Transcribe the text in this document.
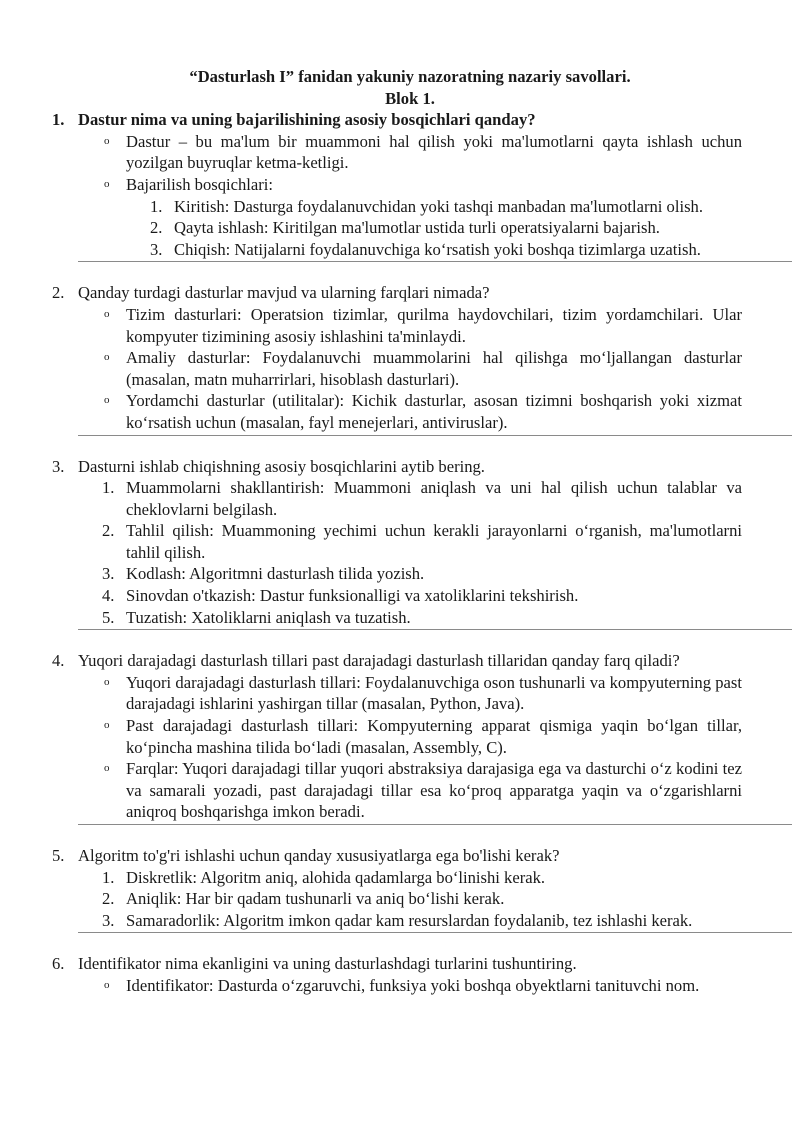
“Dasturlash I” fanidan yakuniy nazoratning nazariy savollari.
Blok 1.
1. Dastur nima va uning bajarilishining asosiy bosqichlari qanday?
o Dastur – bu ma'lum bir muammoni hal qilish yoki ma'lumotlarni qayta ishlash uchun yozilgan buyruqlar ketma-ketligi.
o Bajarilish bosqichlari:
1. Kiritish: Dasturga foydalanuvchidan yoki tashqi manbadan ma'lumotlarni olish.
2. Qayta ishlash: Kiritilgan ma'lumotlar ustida turli operatsiyalarni bajarish.
3. Chiqish: Natijalarni foydalanuvchiga koʻrsatish yoki boshqa tizimlarga uzatish.
2. Qanday turdagi dasturlar mavjud va ularning farqlari nimada?
o Tizim dasturlari: Operatsion tizimlar, qurilma haydovchilari, tizim yordamchilari. Ular kompyuter tizimining asosiy ishlashini ta'minlaydi.
o Amaliy dasturlar: Foydalanuvchi muammolarini hal qilishga moʻljallangan dasturlar (masalan, matn muharrirlari, hisoblash dasturlari).
o Yordamchi dasturlar (utilitalar): Kichik dasturlar, asosan tizimni boshqarish yoki xizmat koʻrsatish uchun (masalan, fayl menejerlari, antiviruslar).
3. Dasturni ishlab chiqishning asosiy bosqichlarini aytib bering.
1. Muammolarni shakllantirish: Muammoni aniqlash va uni hal qilish uchun talablar va cheklovlarni belgilash.
2. Tahlil qilish: Muammoning yechimi uchun kerakli jarayonlarni oʻrganish, ma'lumotlarni tahlil qilish.
3. Kodlash: Algoritmni dasturlash tilida yozish.
4. Sinovdan o'tkazish: Dastur funksionalligi va xatoliklarini tekshirish.
5. Tuzatish: Xatoliklarni aniqlash va tuzatish.
4. Yuqori darajadagi dasturlash tillari past darajadagi dasturlash tillaridan qanday farq qiladi?
o Yuqori darajadagi dasturlash tillari: Foydalanuvchiga oson tushunarli va kompyuterning past darajadagi ishlarini yashirgan tillar (masalan, Python, Java).
o Past darajadagi dasturlash tillari: Kompyuterning apparat qismiga yaqin boʻlgan tillar, koʻpincha mashina tilida boʻladi (masalan, Assembly, C).
o Farqlar: Yuqori darajadagi tillar yuqori abstraksiya darajasiga ega va dasturchi oʻz kodini tez va samarali yozadi, past darajadagi tillar esa koʻproq apparatga yaqin va oʻzgarishlarni aniqroq boshqarishga imkon beradi.
5. Algoritm to'g'ri ishlashi uchun qanday xususiyatlarga ega bo'lishi kerak?
1. Diskretlik: Algoritm aniq, alohida qadamlarga boʻlinishi kerak.
2. Aniqlik: Har bir qadam tushunarli va aniq boʻlishi kerak.
3. Samaradorlik: Algoritm imkon qadar kam resurslardan foydalanib, tez ishlashi kerak.
6. Identifikator nima ekanligini va uning dasturlashdagi turlarini tushuntiring.
o Identifikator: Dasturda oʻzgaruvchi, funksiya yoki boshqa obyektlarni tanituvchi nom.
